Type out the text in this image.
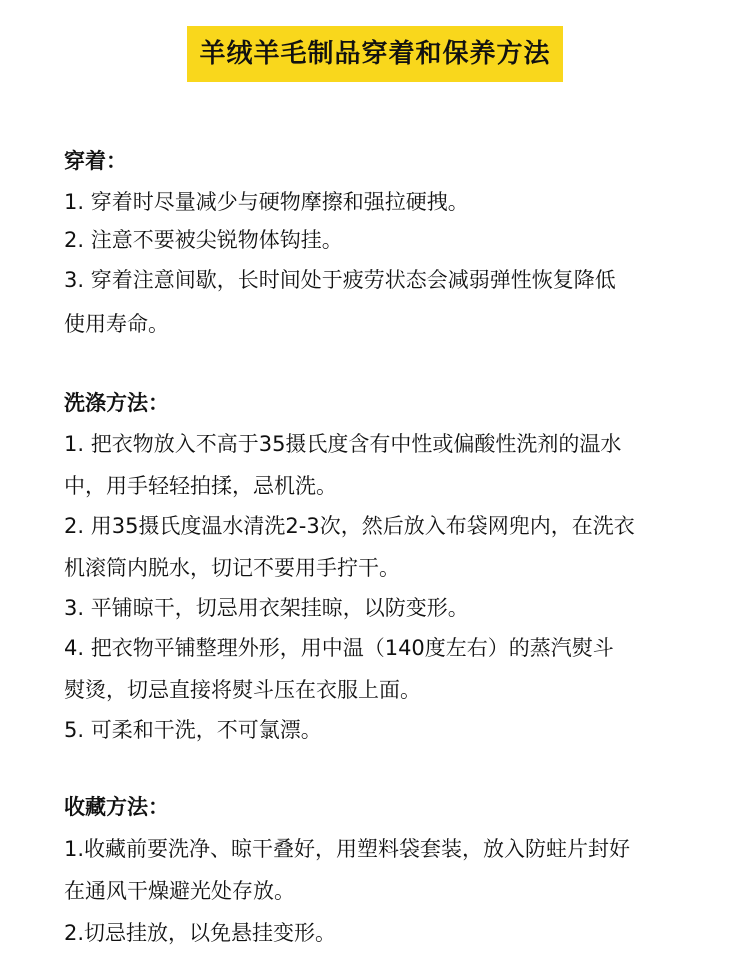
羊绒羊毛制品穿着和保养方法

穿着：

1. 穿着时尽量减少与硬物摩擦和强拉硬拽。

2. 注意不要被尖锐物体钩挂。

3. 穿着注意间歇，长时间处于疲劳状态会减弱弹性恢复降低

使用寿命。

洗涤方法：

1. 把衣物放入不高于35摄氏度含有中性或偏酸性洗剂的温水

中，用手轻轻拍揉，忌机洗。

2. 用35摄氏度温水清洗2-3次，然后放入布袋网兜内，在洗衣

机滚筒内脱水，切记不要用手拧干。

3. 平铺晾干，切忌用衣架挂晾，以防变形。

4. 把衣物平铺整理外形，用中温（140度左右）的蒸汽熨斗

熨烫，切忌直接将熨斗压在衣服上面。

5. 可柔和干洗，不可氯漂。

收藏方法：

1.收藏前要洗净、晾干叠好，用塑料袋套装，放入防蛀片封好

在通风干燥避光处存放。

2.切忌挂放，以免悬挂变形。
